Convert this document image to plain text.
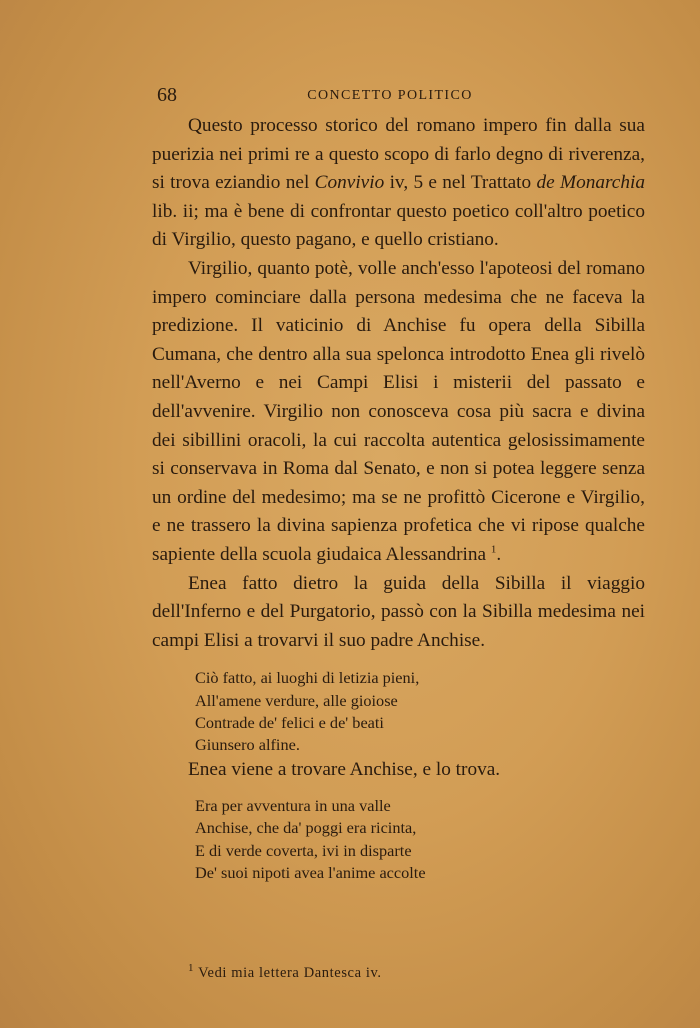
68	CONCETTO POLITICO

Questo processo storico del romano impero fin dalla sua puerizia nei primi re a questo scopo di farlo degno di riverenza, si trova eziandio nel Convivio iv, 5 e nel Trattato de Monarchia lib. ii; ma è bene di confrontar questo poetico coll'altro poetico di Virgilio, questo pagano, e quello cristiano.

Virgilio, quanto potè, volle anch'esso l'apoteosi del romano impero cominciare dalla persona medesima che ne faceva la predizione. Il vaticinio di Anchise fu opera della Sibilla Cumana, che dentro alla sua spelonca introdotto Enea gli rivelò nell'Averno e nei Campi Elisi i misterii del passato e dell'avvenire. Virgilio non conosceva cosa più sacra e divina dei sibillini oracoli, la cui raccolta autentica gelosissimamente si conservava in Roma dal Senato, e non si potea leggere senza un ordine del medesimo; ma se ne profittò Cicerone e Virgilio, e ne trassero la divina sapienza profetica che vi ripose qualche sapiente della scuola giudaica Alessandrina $^1$.

Enea fatto dietro la guida della Sibilla il viaggio dell'Inferno e del Purgatorio, passò con la Sibilla medesima nei campi Elisi a trovarvi il suo padre Anchise.

Ciò fatto, ai luoghi di letizia pieni,
All'amene verdure, alle gioiose
Contrade de' felici e de' beati
Giunsero alfine.

Enea viene a trovare Anchise, e lo trova.

Era per avventura in una valle
Anchise, che da' poggi era ricinta,
E di verde coverta, ivi in disparte
De' suoi nipoti avea l'anime accolte
$^1$ Vedi mia lettera Dantesca iv.
